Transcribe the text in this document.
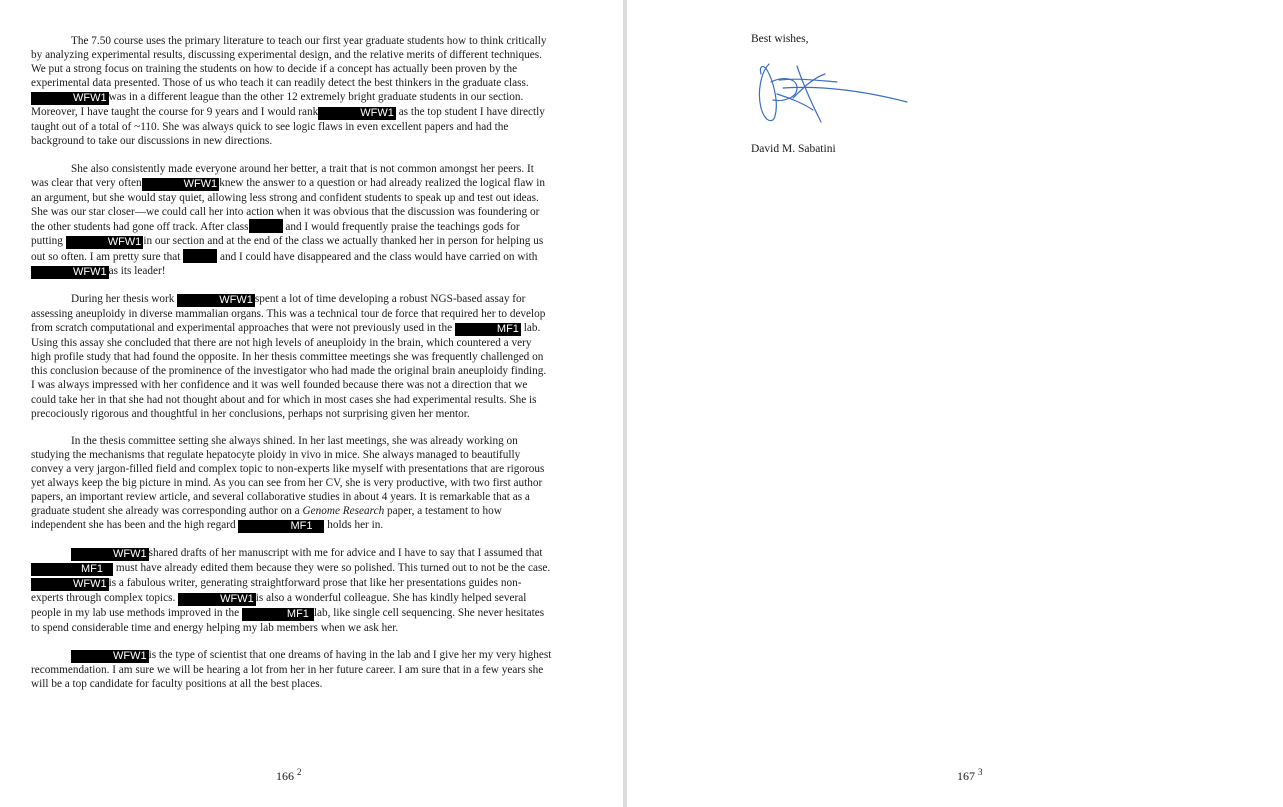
The 7.50 course uses the primary literature to teach our first year graduate students how to think critically by analyzing experimental results, discussing experimental design, and the relative merits of different techniques. We put a strong focus on training the students on how to decide if a concept has actually been proven by the experimental data presented. Those of us who teach it can readily detect the best thinkers in the graduate class.WFW1 was in a different league than the other 12 extremely bright graduate students in our section. Moreover, I have taught the course for 9 years and I would rank	WFW1 as the top student I have directly taught out of a total of ~110. She was always quick to see logic flaws in even excellent papers and had the background to take our discussions in new directions.

She also consistently made everyone around her better, a trait that is not common amongst her peers. It was clear that very often	WFW1 knew the answer to a question or had already realized the logical flaw in an argument, but she would stay quiet, allowing less strong and confident students to speak up and test out ideas. She was our star closer—we could call her into action when it was obvious that the discussion was foundering or the other students had gone off track. After class	and I would frequently praise the teachings gods for putting	WFW1 in our section and at the end of the class we actually thanked her in person for helping us out so often. I am pretty sure that	and I could have disappeared and the class would have carried on with WFW1 as its leader!

During her thesis work	WFW1 spent a lot of time developing a robust NGS-based assay for assessing aneuploidy in diverse mammalian organs. This was a technical tour de force that required her to develop from scratch computational and experimental approaches that were not previously used in the	MF1 lab. Using this assay she concluded that there are not high levels of aneuploidy in the brain, which countered a very high profile study that had found the opposite. In her thesis committee meetings she was frequently challenged on this conclusion because of the prominence of the investigator who had made the original brain aneuploidy finding. I was always impressed with her confidence and it was well founded because there was not a direction that we could take her in that she had not thought about and for which in most cases she had experimental results. She is precociously rigorous and thoughtful in her conclusions, perhaps not surprising given her mentor.

In the thesis committee setting she always shined. In her last meetings, she was already working on studying the mechanisms that regulate hepatocyte ploidy in vivo in mice. She always managed to beautifully convey a very jargon-filled field and complex topic to non-experts like myself with presentations that are rigorous yet always keep the big picture in mind. As you can see from her CV, she is very productive, with two first author papers, an important review article, and several collaborative studies in about 4 years. It is remarkable that as a graduate student she already was corresponding author on a Genome Research paper, a testament to how independent she has been and the high regard	MF1 holds her in.

WFW1 shared drafts of her manuscript with me for advice and I have to say that I assumed that MF1 must have already edited them because they were so polished. This turned out to not be the case. WFW1 is a fabulous writer, generating straightforward prose that like her presentations guides non-experts through complex topics.	WFW1 is also a wonderful colleague. She has kindly helped several people in my lab use methods improved in the	MF1 lab, like single cell sequencing. She never hesitates to spend considerable time and energy helping my lab members when we ask her.

WFW1 is the type of scientist that one dreams of having in the lab and I give her my very highest recommendation. I am sure we will be hearing a lot from her in her future career. I am sure that in a few years she will be a top candidate for faculty positions at all the best places.

166 $^2$
Best wishes,
David M. Sabatini
167 $^3$
